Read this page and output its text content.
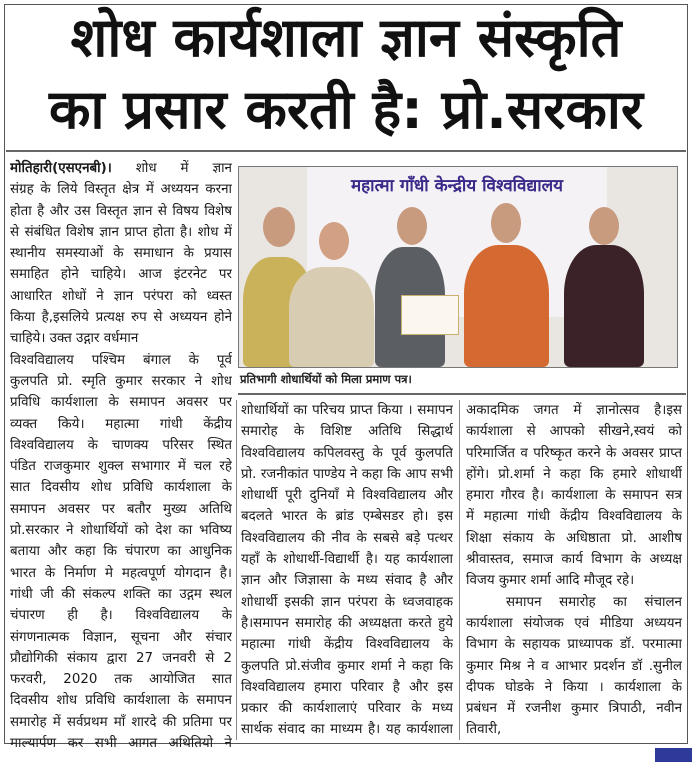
शोध कार्यशाला ज्ञान संस्कृति
का प्रसार करती है: प्रो.सरकार
महात्मा गाँधी केन्द्रीय विश्वविद्यालय
प्रतिभागी शोधार्थियों को मिला प्रमाण पत्र।
मोतिहारी(एसएनबी)। शोध में ज्ञान
संग्रह के लिये विस्तृत क्षेत्र में अध्ययन करना
होता है और उस विस्तृत ज्ञान से विषय विशेष
से संबंधित विशेष ज्ञान प्राप्त होता है। शोध में
स्थानीय समस्याओं के समाधान के प्रयास
समाहित होने चाहिये। आज इंटरनेट पर
आधारित शोधों ने ज्ञान परंपरा को ध्वस्त
किया है,इसलिये प्रत्यक्ष रुप से अध्ययन होने
चाहिये। उक्त उद्गार वर्धमान
विश्वविद्यालय पश्चिम बंगाल के पूर्व
कुलपति प्रो. स्मृति कुमार सरकार ने शोध
प्रविधि कार्यशाला के समापन अवसर पर
व्यक्त किये। महात्मा गांधी केंद्रीय
विश्वविद्यालय के चाणक्य परिसर स्थित
पंडित राजकुमार शुक्ल सभागार में चल रहे
सात दिवसीय शोध प्रविधि कार्यशाला के
समापन अवसर पर बतौर मुख्य अतिथि
प्रो.सरकार ने शोधार्थियों को देश का भविष्य
बताया और कहा कि चंपारण का आधुनिक
भारत के निर्माण मे महत्वपूर्ण योगदान है।
गांधी जी की संकल्प शक्ति का उद्गम स्थल
चंपारण ही है। विश्वविद्यालय के
संगणनात्मक विज्ञान, सूचना और संचार
प्रौद्योगिकी संकाय द्वारा 27 जनवरी से 2
फरवरी, 2020 तक आयोजित सात
दिवसीय शोध प्रविधि कार्यशाला के समापन
समारोह में सर्वप्रथम माँ शारदे की प्रतिमा पर
माल्यार्पण कर सभी आगत अथितियो ने
शोधार्थियों का परिचय प्राप्त किया । समापन
समारोह के विशिष्ट अतिथि सिद्धार्थ
विश्वविद्यालय कपिलवस्तु के पूर्व कुलपति
प्रो. रजनीकांत पाण्डेय ने कहा कि आप सभी
शोधार्थी पूरी दुनियाँ मे विश्वविद्यालय और
बदलते भारत के ब्रांड एम्बेसडर हो। इस
विश्वविद्यालय की नीव के सबसे बड़े पत्थर
यहाँ के शोधार्थी-विद्यार्थी है। यह कार्यशाला
ज्ञान और जिज्ञासा के मध्य संवाद है और
शोधार्थी इसकी ज्ञान परंपरा के ध्वजवाहक
है।समापन समारोह की अध्यक्षता करते हुये
महात्मा गांधी केंद्रीय विश्वविद्यालय के
कुलपति प्रो.संजीव कुमार शर्मा ने कहा कि
विश्वविद्यालय हमारा परिवार है और इस
प्रकार की कार्यशालाएं परिवार के मध्य
सार्थक संवाद का माध्यम है। यह कार्यशाला
अकादमिक जगत में ज्ञानोत्सव है।इस
कार्यशाला से आपको सीखने,स्वयं को
परिमार्जित व परिष्कृत करने के अवसर प्राप्त
होंगे। प्रो.शर्मा ने कहा कि हमारे शोधार्थी
हमारा गौरव है। कार्यशाला के समापन सत्र
में महात्मा गांधी केंद्रीय विश्वविद्यालय के
शिक्षा संकाय के अधिष्ठाता प्रो. आशीष
श्रीवास्तव, समाज कार्य विभाग के अध्यक्ष
विजय कुमार शर्मा आदि मौजूद रहे।
समापन समारोह का संचालन
कार्यशाला संयोजक एवं मीडिया अध्ययन
विभाग के सहायक प्राध्यापक डॉ. परमात्मा
कुमार मिश्र ने व आभार प्रदर्शन डॉ .सुनील
दीपक घोडके ने किया । कार्यशाला के
प्रबंधन में रजनीश कुमार त्रिपाठी, नवीन
तिवारी,
